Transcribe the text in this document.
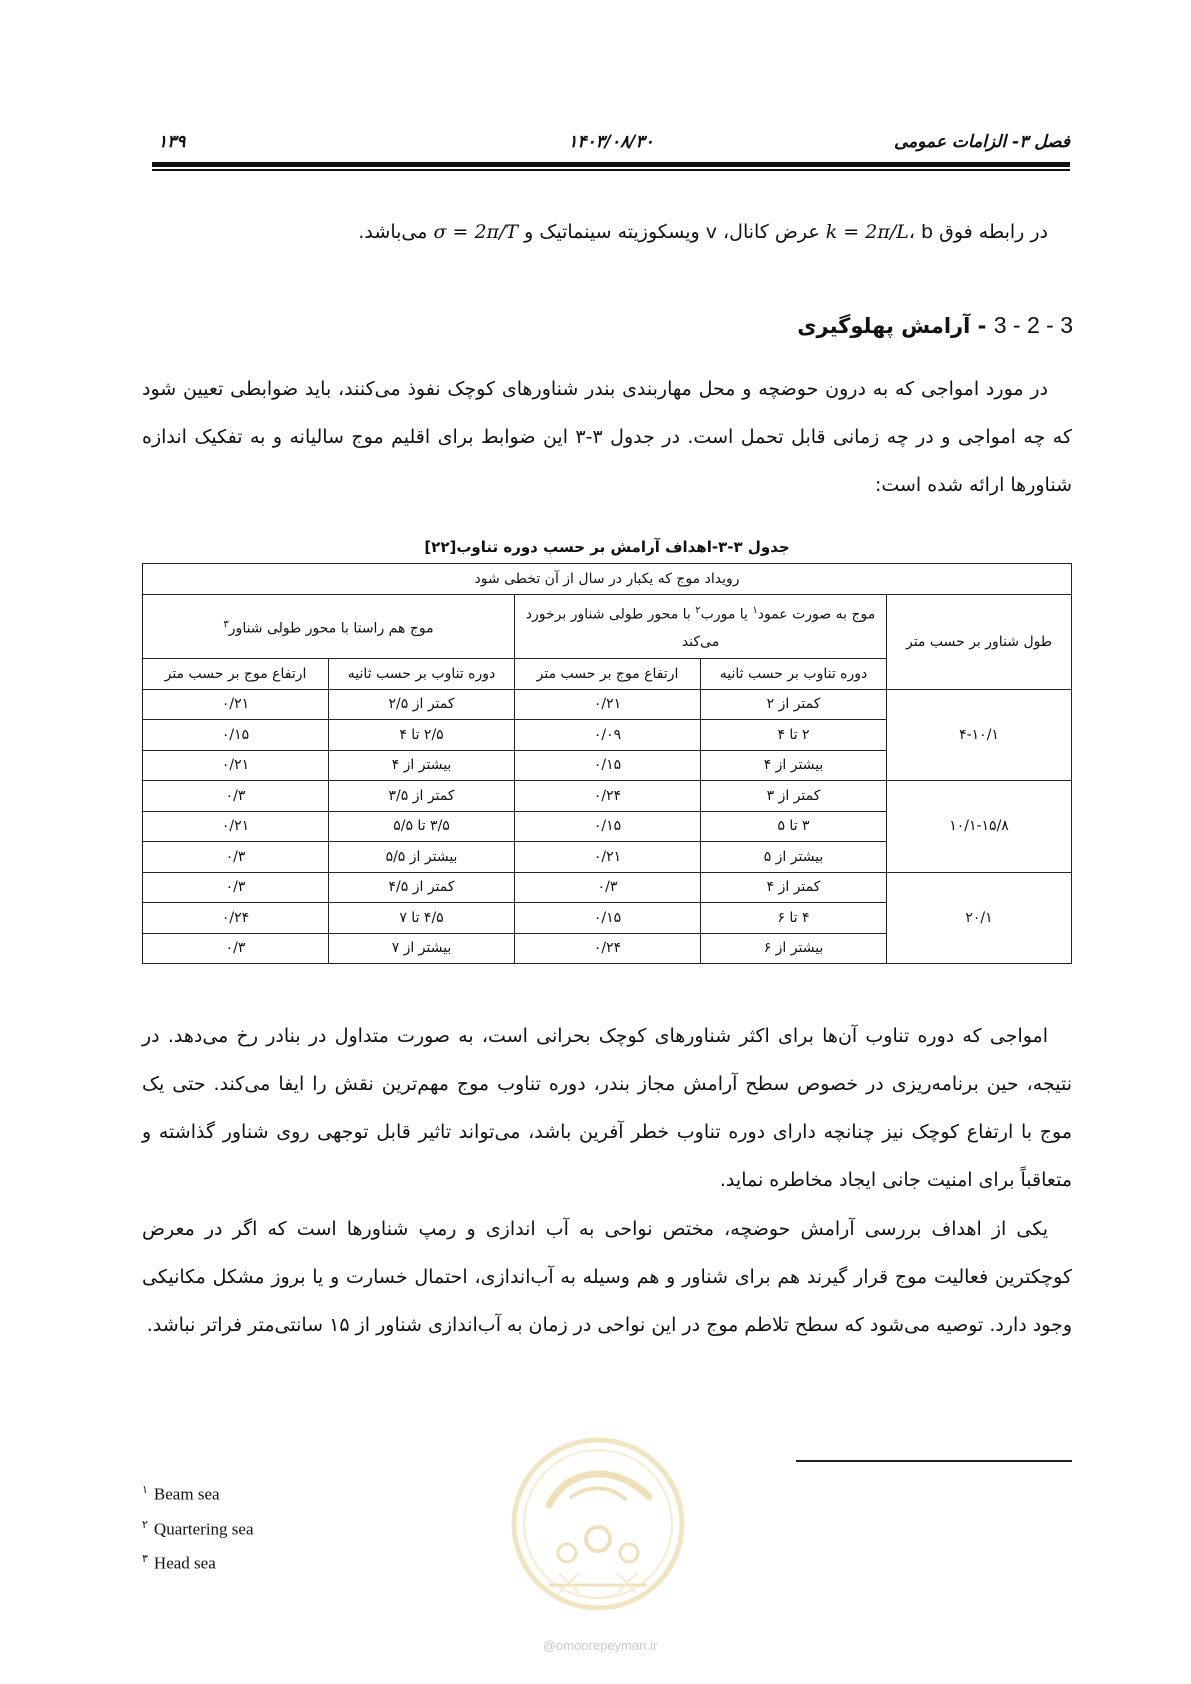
فصل ۳- الزامات عمومی
۱۴۰۳/۰۸/۳۰
۱۳۹
در رابطه فوق k = 2π/L، b عرض کانال، v ویسکوزیته سینماتیک و σ = 2π/T می‌باشد.
3 - 2 - 3 - آرامش پهلوگیری
در مورد امواجی که به درون حوضچه و محل مهاربندی بندر شناورهای کوچک نفوذ می‌کنند، باید ضوابطی تعیین شود که چه امواجی و در چه زمانی قابل تحمل است. در جدول ۳-۳ این ضوابط برای اقلیم موج سالیانه و به تفکیک اندازه شناورها ارائه شده است:
جدول ۳-۳-اهداف آرامش بر حسب دوره تناوب[۲۲]
رویداد موج که یکبار در سال از آن تخطی شود				
طول شناور بر حسب متر	موج به صورت عمود$^۱$ یا مورب$^۲$ با محور طولی شناور برخورد می‌کند		موج هم راستا با محور طولی شناور$^۳$
	دوره تناوب بر حسب ثانیه	ارتفاع موج بر حسب متر	دوره تناوب بر حسب ثانیه	ارتفاع موج بر حسب متر
۴-۱۰/۱	کمتر از ۲	۰/۲۱	کمتر از ۲/۵	۰/۲۱
	۲ تا ۴	۰/۰۹	۲/۵ تا ۴	۰/۱۵
	بیشتر از ۴	۰/۱۵	بیشتر از ۴	۰/۲۱
۱۰/۱-۱۵/۸	کمتر از ۳	۰/۲۴	کمتر از ۳/۵	۰/۳
	۳ تا ۵	۰/۱۵	۳/۵ تا ۵/۵	۰/۲۱
	بیشتر از ۵	۰/۲۱	بیشتر از ۵/۵	۰/۳
۲۰/۱	کمتر از ۴	۰/۳	کمتر از ۴/۵	۰/۳
	۴ تا ۶	۰/۱۵	۴/۵ تا ۷	۰/۲۴
	بیشتر از ۶	۰/۲۴	بیشتر از ۷	۰/۳
امواجی که دوره تناوب آن‌ها برای اکثر شناورهای کوچک بحرانی است، به صورت متداول در بنادر رخ می‌دهد. در نتیجه، حین برنامه‌ریزی در خصوص سطح آرامش مجاز بندر، دوره تناوب موج مهم‌ترین نقش را ایفا می‌کند. حتی یک موج با ارتفاع کوچک نیز چنانچه دارای دوره تناوب خطر آفرین باشد، می‌تواند تاثیر قابل توجهی روی شناور گذاشته و متعاقباً برای امنیت جانی ایجاد مخاطره نماید.
یکی از اهداف بررسی آرامش حوضچه، مختص نواحی به آب اندازی و رمپ شناورها است که اگر در معرض کوچکترین فعالیت موج قرار گیرند هم برای شناور و هم وسیله به آب‌اندازی، احتمال خسارت و یا بروز مشکل مکانیکی وجود دارد. توصیه می‌شود که سطح تلاطم موج در این نواحی در زمان به آب‌اندازی شناور از ۱۵ سانتی‌متر فراتر نباشد.
$^۱$ Beam sea
$^۲$ Quartering sea
$^۳$ Head sea
@omoorepeyman.ir
